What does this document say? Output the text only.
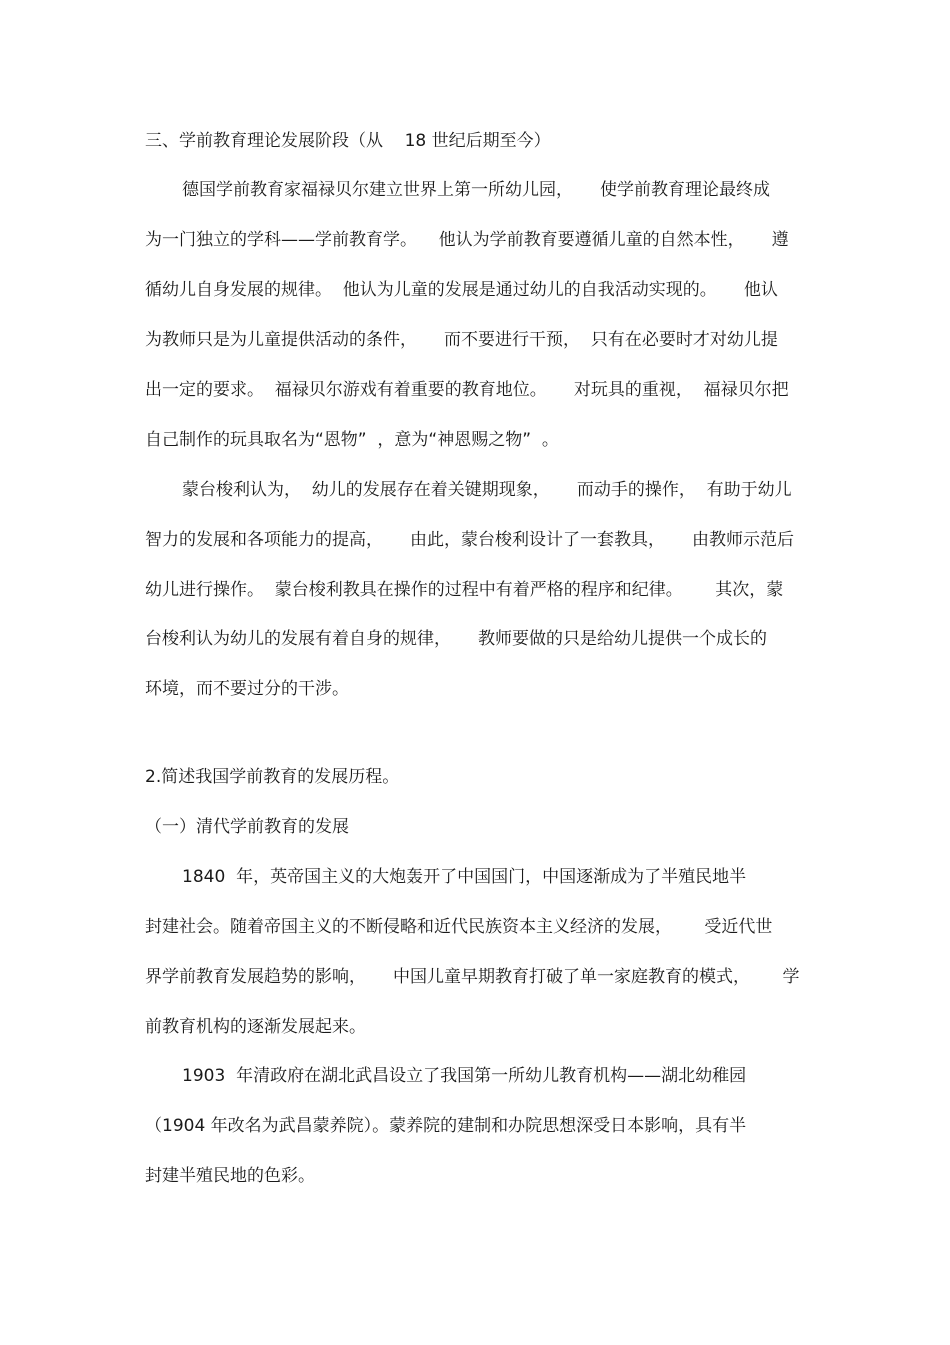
三、学前教育理论发展阶段（从    18 世纪后期至今）
德国学前教育家福禄贝尔建立世界上第一所幼儿园，     使学前教育理论最终成
为一门独立的学科——学前教育学。    他认为学前教育要遵循儿童的自然本性，     遵
循幼儿自身发展的规律。  他认为儿童的发展是通过幼儿的自我活动实现的。     他认
为教师只是为儿童提供活动的条件，     而不要进行干预，  只有在必要时才对幼儿提
出一定的要求。  福禄贝尔游戏有着重要的教育地位。     对玩具的重视，  福禄贝尔把
自己制作的玩具取名为“恩物”  ，意为“神恩赐之物”  。
蒙台梭利认为，  幼儿的发展存在着关键期现象，     而动手的操作，  有助于幼儿
智力的发展和各项能力的提高，     由此，蒙台梭利设计了一套教具，     由教师示范后
幼儿进行操作。  蒙台梭利教具在操作的过程中有着严格的程序和纪律。      其次，蒙
台梭利认为幼儿的发展有着自身的规律，     教师要做的只是给幼儿提供一个成长的
环境，而不要过分的干涉。
2.简述我国学前教育的发展历程。
（一）清代学前教育的发展
1840  年，英帝国主义的大炮轰开了中国国门，中国逐渐成为了半殖民地半
封建社会。随着帝国主义的不断侵略和近代民族资本主义经济的发展，      受近代世
界学前教育发展趋势的影响，     中国儿童早期教育打破了单一家庭教育的模式，      学
前教育机构的逐渐发展起来。
1903  年清政府在湖北武昌设立了我国第一所幼儿教育机构——湖北幼稚园
（1904 年改名为武昌蒙养院）。蒙养院的建制和办院思想深受日本影响，具有半
封建半殖民地的色彩。
